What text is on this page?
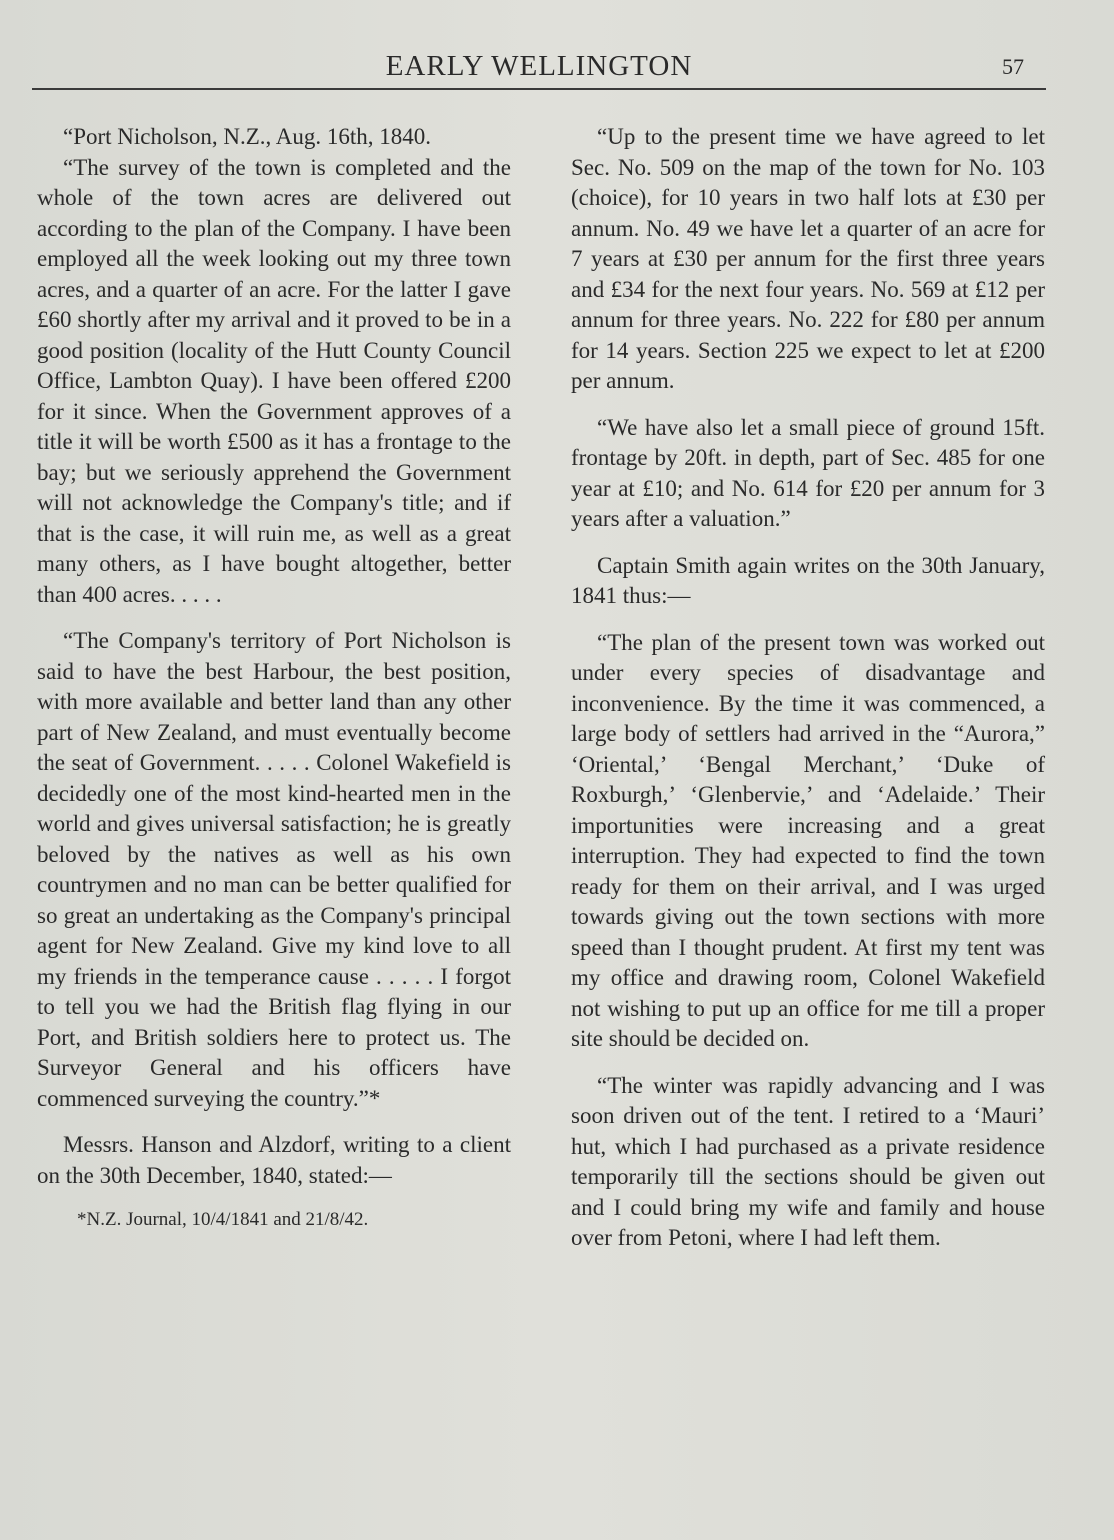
EARLY WELLINGTON	57

“Port Nicholson, N.Z., Aug. 16th, 1840.

“The survey of the town is completed and the whole of the town acres are delivered out according to the plan of the Company. I have been employed all the week looking out my three town acres, and a quarter of an acre. For the latter I gave £60 shortly after my arrival and it proved to be in a good position (locality of the Hutt County Council Office, Lambton Quay). I have been offered £200 for it since. When the Government approves of a title it will be worth £500 as it has a frontage to the bay; but we seriously apprehend the Government will not acknowledge the Company's title; and if that is the case, it will ruin me, as well as a great many others, as I have bought altogether, better than 400 acres. . . . .

“The Company's territory of Port Nicholson is said to have the best Harbour, the best position, with more available and better land than any other part of New Zealand, and must eventually become the seat of Government. . . . . Colonel Wakefield is decidedly one of the most kind-hearted men in the world and gives universal satisfaction; he is greatly beloved by the natives as well as his own countrymen and no man can be better qualified for so great an undertaking as the Company's principal agent for New Zealand. Give my kind love to all my friends in the temperance cause . . . . . I forgot to tell you we had the British flag flying in our Port, and British soldiers here to protect us. The Surveyor General and his officers have commenced surveying the country.”*

Messrs. Hanson and Alzdorf, writing to a client on the 30th December, 1840, stated:—

*N.Z. Journal, 10/4/1841 and 21/8/42.

“Up to the present time we have agreed to let Sec. No. 509 on the map of the town for No. 103 (choice), for 10 years in two half lots at £30 per annum. No. 49 we have let a quarter of an acre for 7 years at £30 per annum for the first three years and £34 for the next four years. No. 569 at £12 per annum for three years. No. 222 for £80 per annum for 14 years. Section 225 we expect to let at £200 per annum.

“We have also let a small piece of ground 15ft. frontage by 20ft. in depth, part of Sec. 485 for one year at £10; and No. 614 for £20 per annum for 3 years after a valuation.”

Captain Smith again writes on the 30th January, 1841 thus:—

“The plan of the present town was worked out under every species of disadvantage and inconvenience. By the time it was commenced, a large body of settlers had arrived in the “Aurora,” ‘Oriental,’ ‘Bengal Merchant,’ ‘Duke of Roxburgh,’ ‘Glenbervie,’ and ‘Adelaide.’ Their importunities were increasing and a great interruption. They had expected to find the town ready for them on their arrival, and I was urged towards giving out the town sections with more speed than I thought prudent. At first my tent was my office and drawing room, Colonel Wakefield not wishing to put up an office for me till a proper site should be decided on.

“The winter was rapidly advancing and I was soon driven out of the tent. I retired to a ‘Mauri’ hut, which I had purchased as a private residence temporarily till the sections should be given out and I could bring my wife and family and house over from Petoni, where I had left them.
